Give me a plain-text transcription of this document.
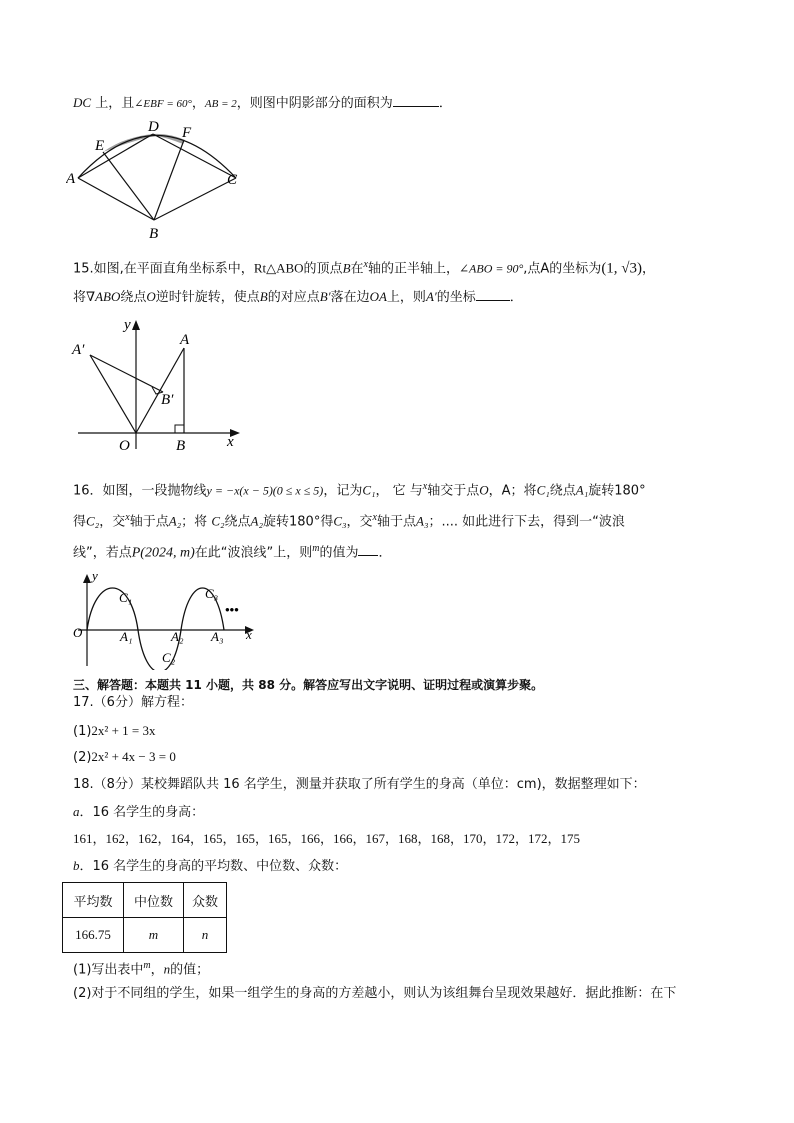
DC 上，且∠EBF = 60°，AB = 2，则图中阴影部分的面积为	．
A
B
C
D
E
F
15.如图,在平面直角坐标系中，Rt△ABO的顶点B在$^x$轴的正半轴上，∠ABO = 90°,点A的坐标为(1, √3)，
将∇ABO绕点O逆时针旋转，使点B的对应点B′落在边OA上，则A′的坐标	．
y
x
O
A
A′
B
B′
16．如图，一段抛物线y = −x(x − 5)(0 ≤ x ≤ 5)，记为C₁， 它 与$^x$轴交于点O，A；将C₁绕点A₁旋转180°
得C₂，交$^x$轴于点A₂；将 C₂绕点A₂旋转180°得C₃，交$^x$轴于点A₃；.... 如此进行下去，得到一“波浪
线”，若点P(2024, m)在此“波浪线”上，则$^m$的值为 ．
y
x
O	A₁	A₂ A₃
C₁
C₂
C₃
•••
三、解答题：本题共 11 小题，共 88 分。解答应写出文字说明、证明过程或演算步聚。
17.（6分）解方程：
(1)2x² + 1 = 3x
(2)2x² + 4x − 3 = 0
18.（8分）某校舞蹈队共 16 名学生，测量并获取了所有学生的身高（单位：cm)，数据整理如下：
a．16 名学生的身高：
161，162，162，164，165，165，165，166，166，167，168，168，170，172，172，175
b．16 名学生的身高的平均数、中位数、众数：
平均数	中位数	众数
166.75	m	n
(1)写出表中$^m$，n的值；
(2)对于不同组的学生，如果一组学生的身高的方差越小，则认为该组舞台呈现效果越好．据此推断：在下
